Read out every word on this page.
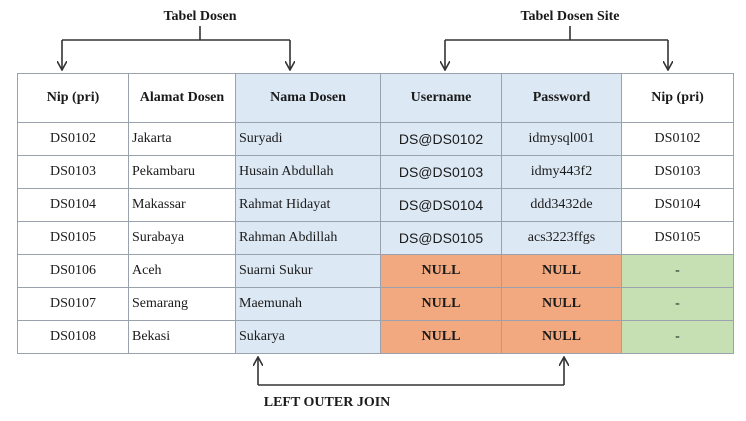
Tabel Dosen	Tabel Dosen Site
Nip (pri)	Alamat Dosen	Nama Dosen	Username	Password	Nip (pri)
DS0102	Jakarta	Suryadi	DS@DS0102	idmysql001	DS0102
DS0103	Pekambaru	Husain Abdullah	DS@DS0103	idmy443f2	DS0103
DS0104	Makassar	Rahmat Hidayat	DS@DS0104	ddd3432de	DS0104
DS0105	Surabaya	Rahman Abdillah	DS@DS0105	acs3223ffgs	DS0105
DS0106	Aceh	Suarni Sukur	NULL	NULL	-
DS0107	Semarang	Maemunah	NULL	NULL	-
DS0108	Bekasi	Sukarya	NULL	NULL	-
LEFT OUTER JOIN
